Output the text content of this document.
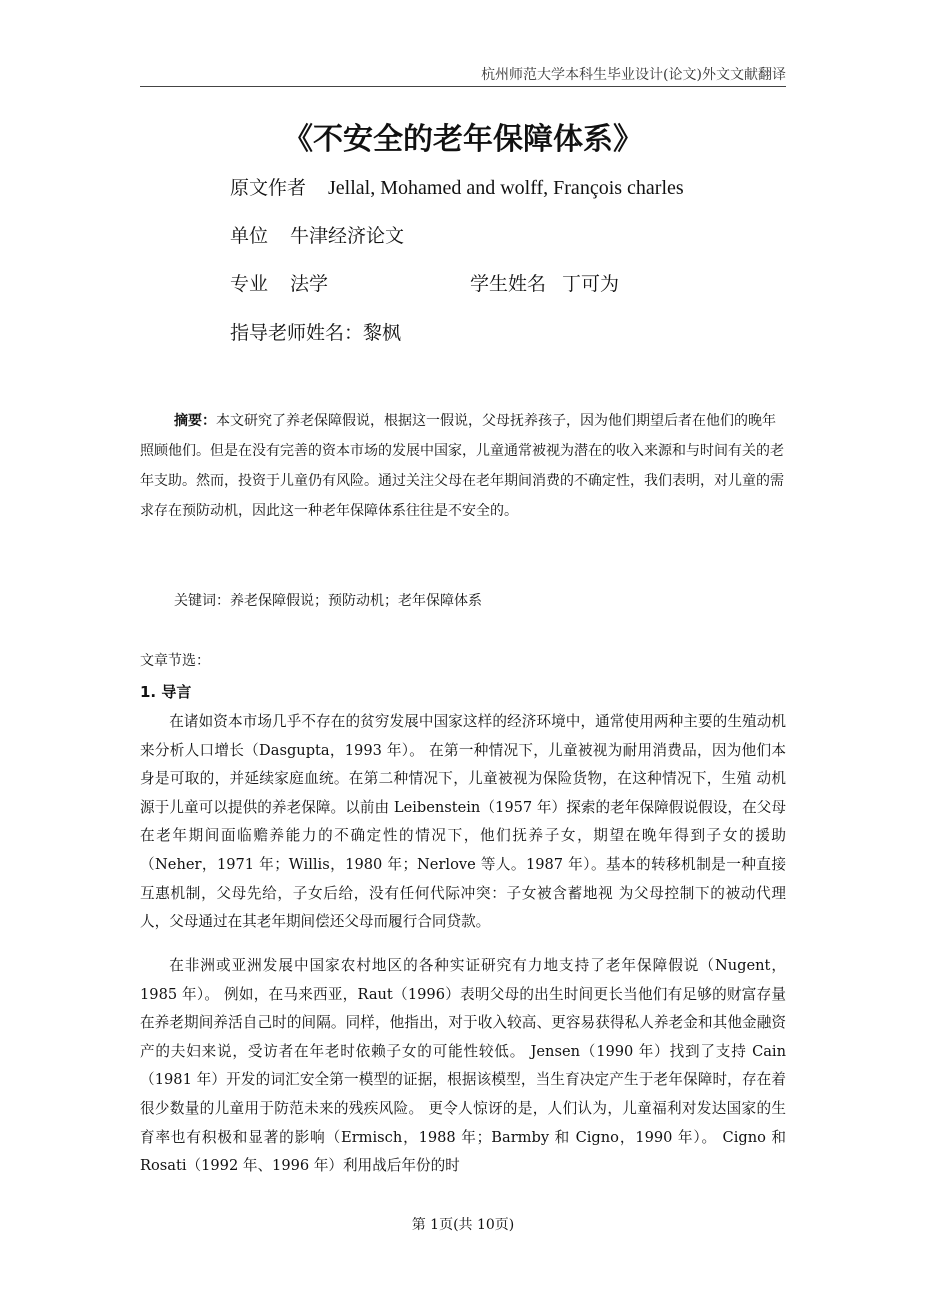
杭州师范大学本科生毕业设计(论文)外文文献翻译
《不安全的老年保障体系》
原文作者 Jellal, Mohamed and wolff, François charles
单位 牛津经济论文
专业 法学	学生姓名 丁可为
指导老师姓名：黎枫
摘要：本文研究了养老保障假说，根据这一假说，父母抚养孩子，因为他们期望后者在他们的晚年照顾他们。但是在没有完善的资本市场的发展中国家，儿童通常被视为潜在的收入来源和与时间有关的老年支助。然而，投资于儿童仍有风险。通过关注父母在老年期间消费的不确定性，我们表明，对儿童的需求存在预防动机，因此这一种老年保障体系往往是不安全的。
关键词：养老保障假说；预防动机；老年保障体系
文章节选：
1. 导言

在诸如资本市场几乎不存在的贫穷发展中国家这样的经济环境中，通常使用两种主要的生殖动机来分析人口增长（Dasgupta，1993 年）。 在第一种情况下，儿童被视为耐用消费品，因为他们本身是可取的，并延续家庭血统。在第二种情况下，儿童被视为保险货物，在这种情况下，生殖 动机源于儿童可以提供的养老保障。以前由 Leibenstein（1957 年）探索的老年保障假说假设，在父母在老年期间面临赡养能力的不确定性的情况下，他们抚养子女，期望在晚年得到子女的援助（Neher，1971 年；Willis，1980 年；Nerlove 等人。1987 年）。基本的转移机制是一种直接互惠机制，父母先给，子女后给，没有任何代际冲突：子女被含蓄地视 为父母控制下的被动代理人，父母通过在其老年期间偿还父母而履行合同贷款。

在非洲或亚洲发展中国家农村地区的各种实证研究有力地支持了老年保障假说（Nugent，1985 年）。 例如，在马来西亚，Raut（1996）表明父母的出生时间更长当他们有足够的财富存量在养老期间养活自己时的间隔。同样，他指出，对于收入较高、更容易获得私人养老金和其他金融资产的夫妇来说，受访者在年老时依赖子女的可能性较低。 Jensen（1990 年）找到了支持 Cain（1981 年）开发的词汇安全第一模型的证据，根据该模型，当生育决定产生于老年保障时，存在着很少数量的儿童用于防范未来的残疾风险。 更令人惊讶的是，人们认为，儿童福利对发达国家的生育率也有积极和显著的影响（Ermisch，1988 年；Barmby 和 Cigno，1990 年）。 Cigno 和 Rosati（1992 年、1996 年）利用战后年份的时

第 1页(共 10页)
